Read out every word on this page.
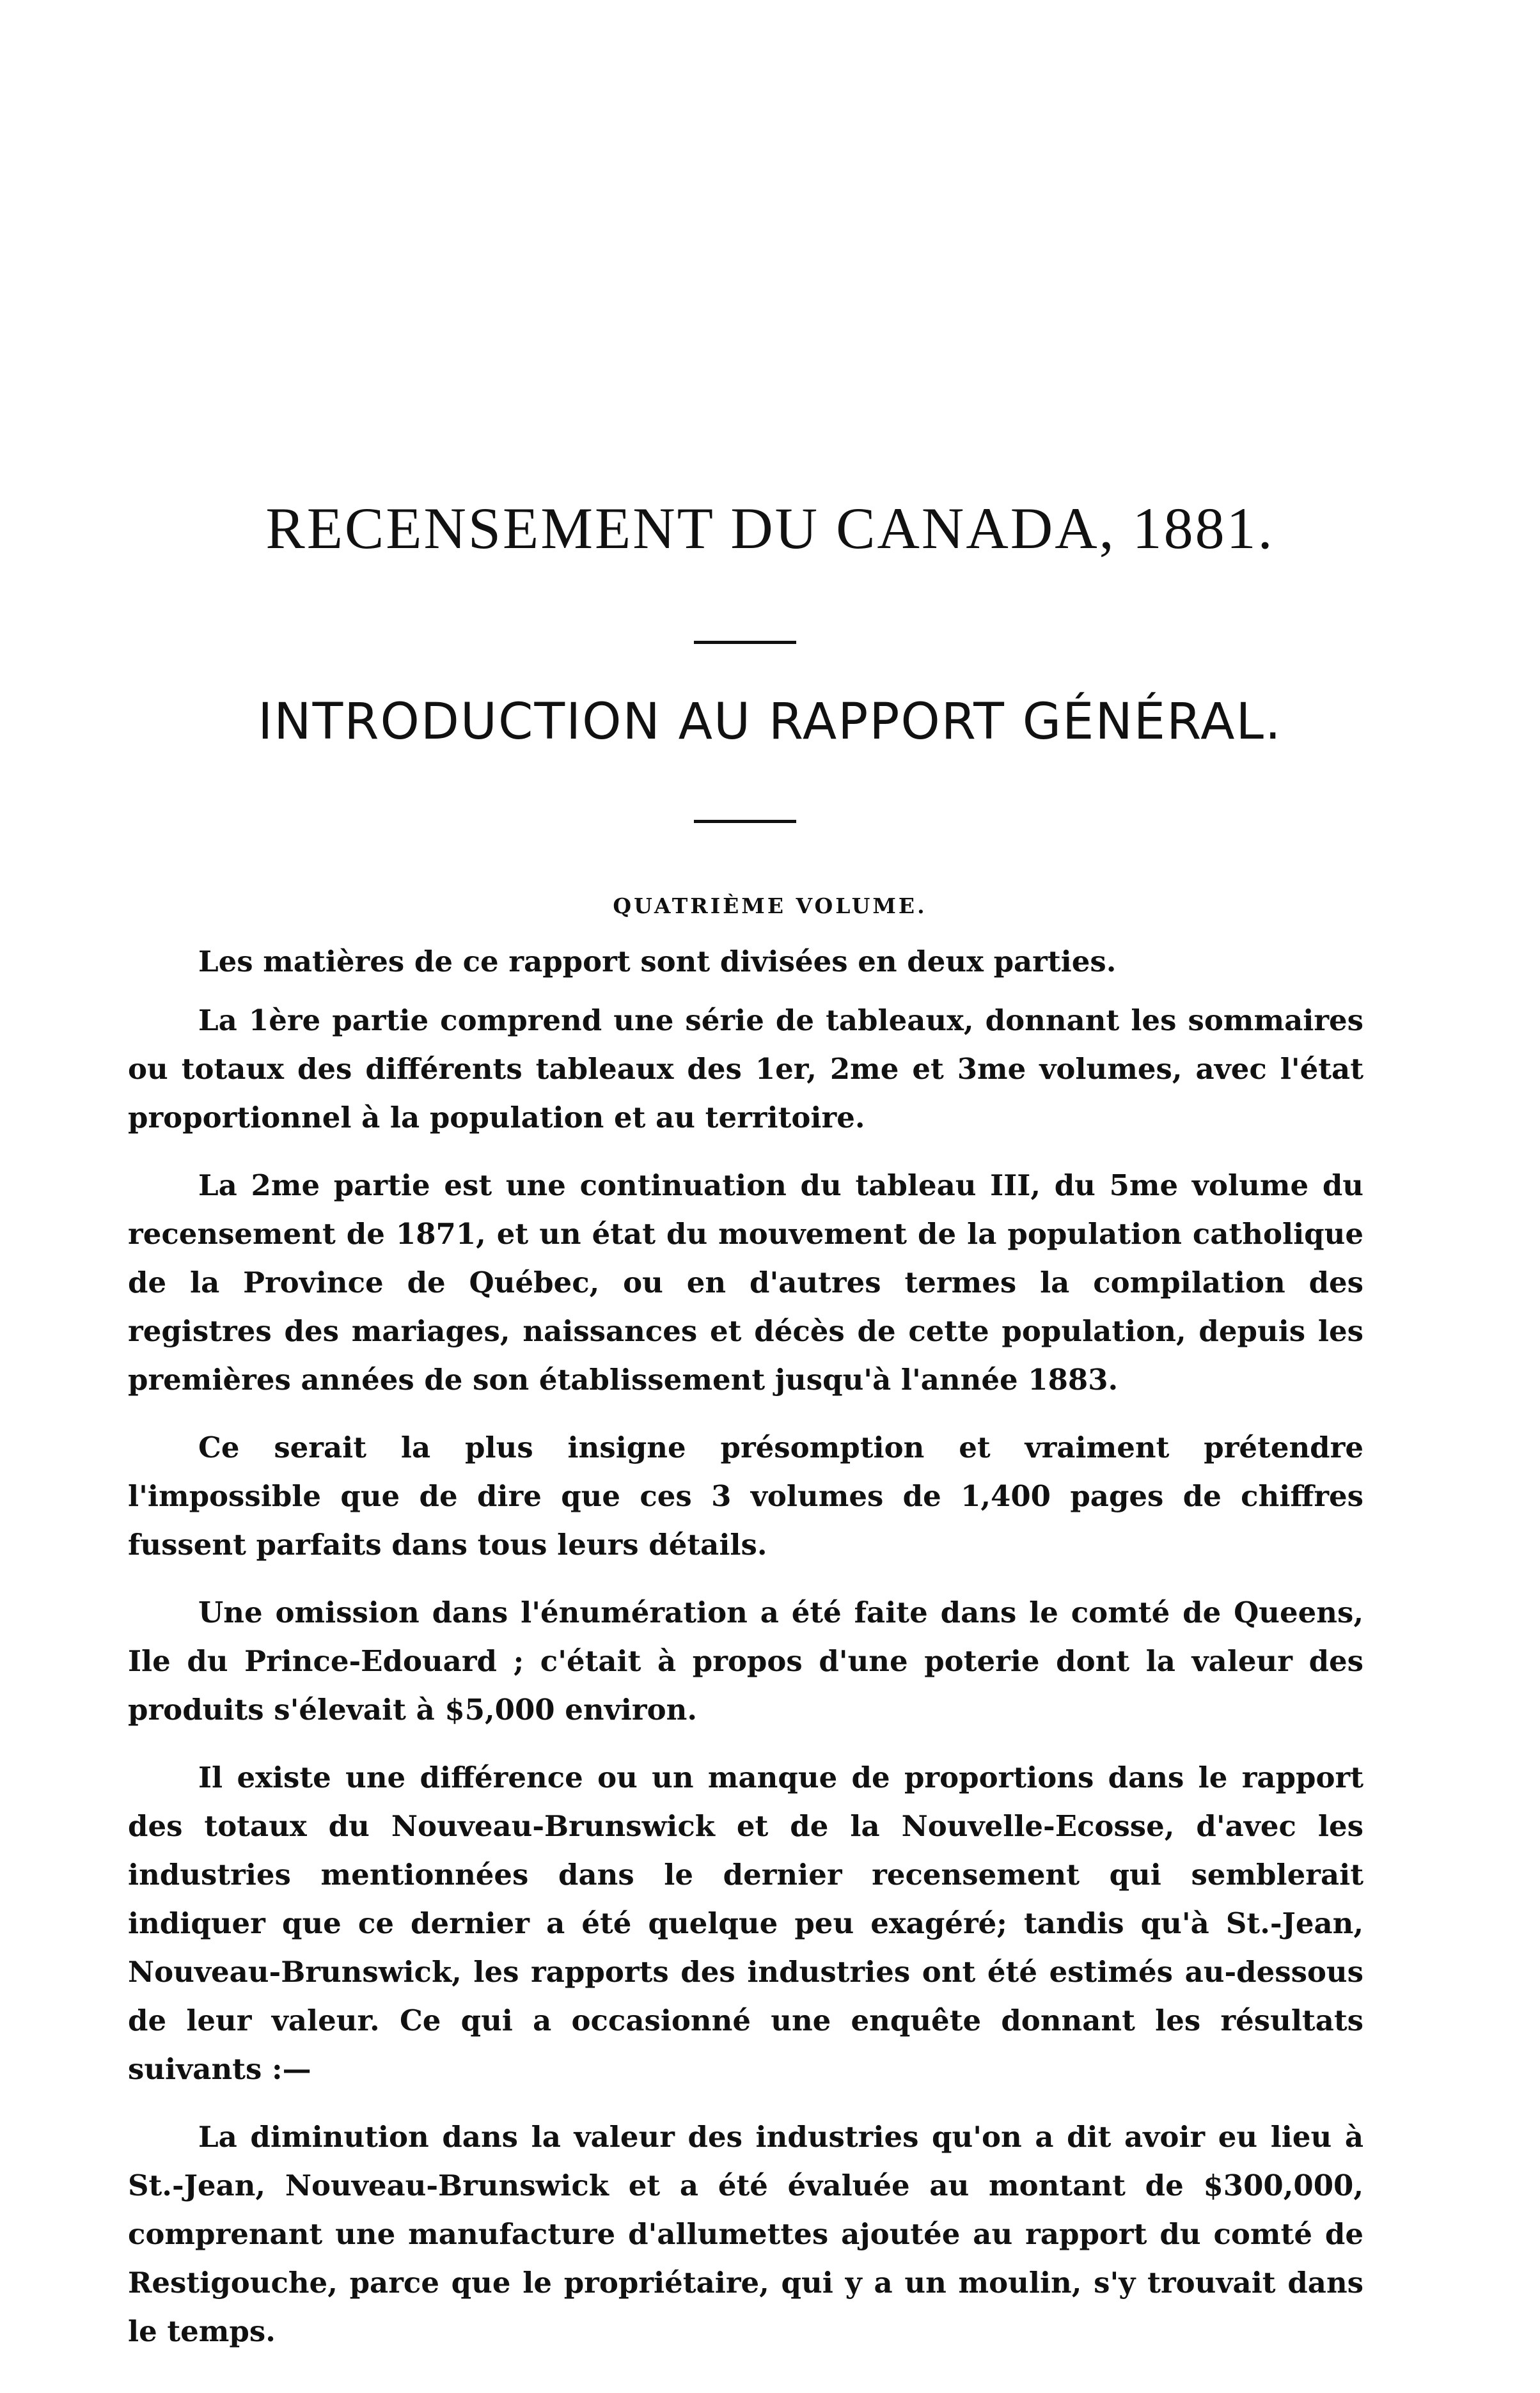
RECENSEMENT DU CANADA, 1881.
INTRODUCTION AU RAPPORT GÉNÉRAL.
QUATRIÈME VOLUME.

Les matières de ce rapport sont divisées en deux parties.

La 1ère partie comprend une série de tableaux, donnant les sommaires ou totaux des différents tableaux des 1er, 2me et 3me volumes, avec l'état proportionnel à la population et au territoire.

La 2me partie est une continuation du tableau III, du 5me volume du recensement de 1871, et un état du mouvement de la population catholique de la Province de Québec, ou en d'autres termes la compilation des registres des mariages, naissances et décès de cette population, depuis les premières années de son établissement jusqu'à l'année 1883.

Ce serait la plus insigne présomption et vraiment prétendre l'impossible que de dire que ces 3 volumes de 1,400 pages de chiffres fussent parfaits dans tous leurs détails.

Une omission dans l'énumération a été faite dans le comté de Queens, Ile du Prince-Edouard ; c'était à propos d'une poterie dont la valeur des produits s'élevait à $5,000 environ.

Il existe une différence ou un manque de proportions dans le rapport des totaux du Nouveau-Brunswick et de la Nouvelle-Ecosse, d'avec les industries mentionnées dans le dernier recensement qui semblerait indiquer que ce dernier a été quelque peu exagéré; tandis qu'à St.-Jean, Nouveau-Brunswick, les rapports des industries ont été estimés au-dessous de leur valeur. Ce qui a occasionné une enquête donnant les résultats suivants :—

La diminution dans la valeur des industries qu'on a dit avoir eu lieu à St.-Jean, Nouveau-Brunswick et a été évaluée au montant de $300,000, comprenant une manufacture d'allumettes ajoutée au rapport du comté de Restigouche, parce que le propriétaire, qui y a un moulin, s'y trouvait dans le temps.
